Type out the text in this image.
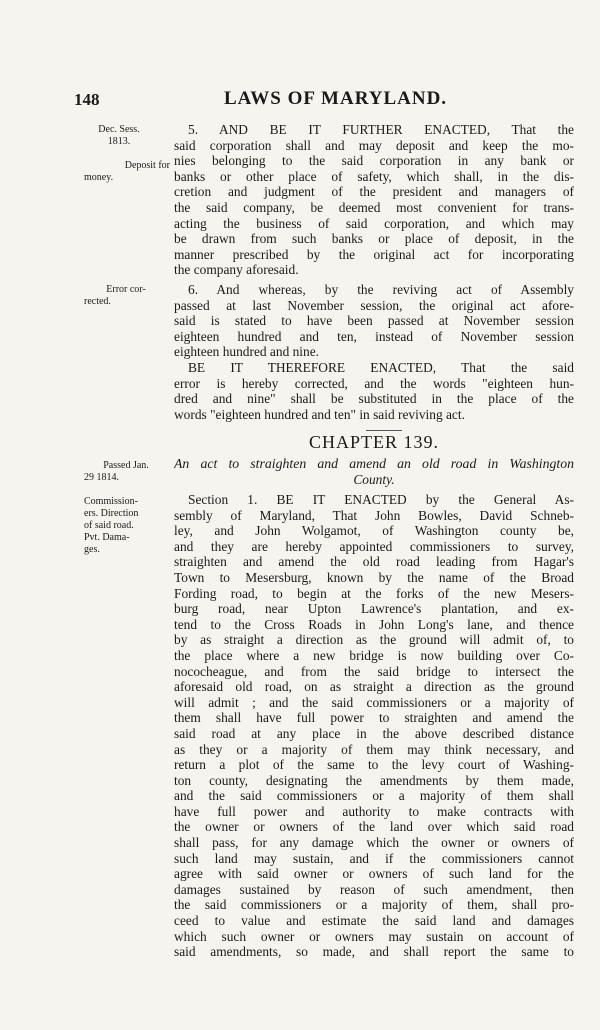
148	LAWS OF MARYLAND.
Dec. Sess.
1813.
Deposit for
money.
Error cor-
rected.
Passed Jan.
29 1814.
Commission-
ers. Direction
of said road.
Pvt. Dama-
ges.
5. AND BE IT FURTHER ENACTED, That the
said corporation shall and may deposit and keep the mo-
nies belonging to the said corporation in any bank or
banks or other place of safety, which shall, in the dis-
cretion and judgment of the president and managers of
the said company, be deemed most convenient for trans-
acting the business of said corporation, and which may
be drawn from such banks or place of deposit, in the
manner prescribed by the original act for incorporating
the company aforesaid.
6. And whereas, by the reviving act of Assembly
passed at last November session, the original act afore-
said is stated to have been passed at November session
eighteen hundred and ten, instead of November session
eighteen hundred and nine.
BE IT THEREFORE ENACTED, That the said
error is hereby corrected, and the words "eighteen hun-
dred and nine" shall be substituted in the place of the
words "eighteen hundred and ten" in said reviving act.
CHAPTER 139.
An act to straighten and amend an old road in Washington
County.
Section 1. BE IT ENACTED by the General As-
sembly of Maryland, That John Bowles, David Schneb-
ley, and John Wolgamot, of Washington county be,
and they are hereby appointed commissioners to survey,
straighten and amend the old road leading from Hagar's
Town to Mesersburg, known by the name of the Broad
Fording road, to begin at the forks of the new Mesers-
burg road, near Upton Lawrence's plantation, and ex-
tend to the Cross Roads in John Long's lane, and thence
by as straight a direction as the ground will admit of, to
the place where a new bridge is now building over Co-
nococheague, and from the said bridge to intersect the
aforesaid old road, on as straight a direction as the ground
will admit ; and the said commissioners or a majority of
them shall have full power to straighten and amend the
said road at any place in the above described distance
as they or a majority of them may think necessary, and
return a plot of the same to the levy court of Washing-
ton county, designating the amendments by them made,
and the said commissioners or a majority of them shall
have full power and authority to make contracts with
the owner or owners of the land over which said road
shall pass, for any damage which the owner or owners of
such land may sustain, and if the commissioners cannot
agree with said owner or owners of such land for the
damages sustained by reason of such amendment, then
the said commissioners or a majority of them, shall pro-
ceed to value and estimate the said land and damages
which such owner or owners may sustain on account of
said amendments, so made, and shall report the same to
